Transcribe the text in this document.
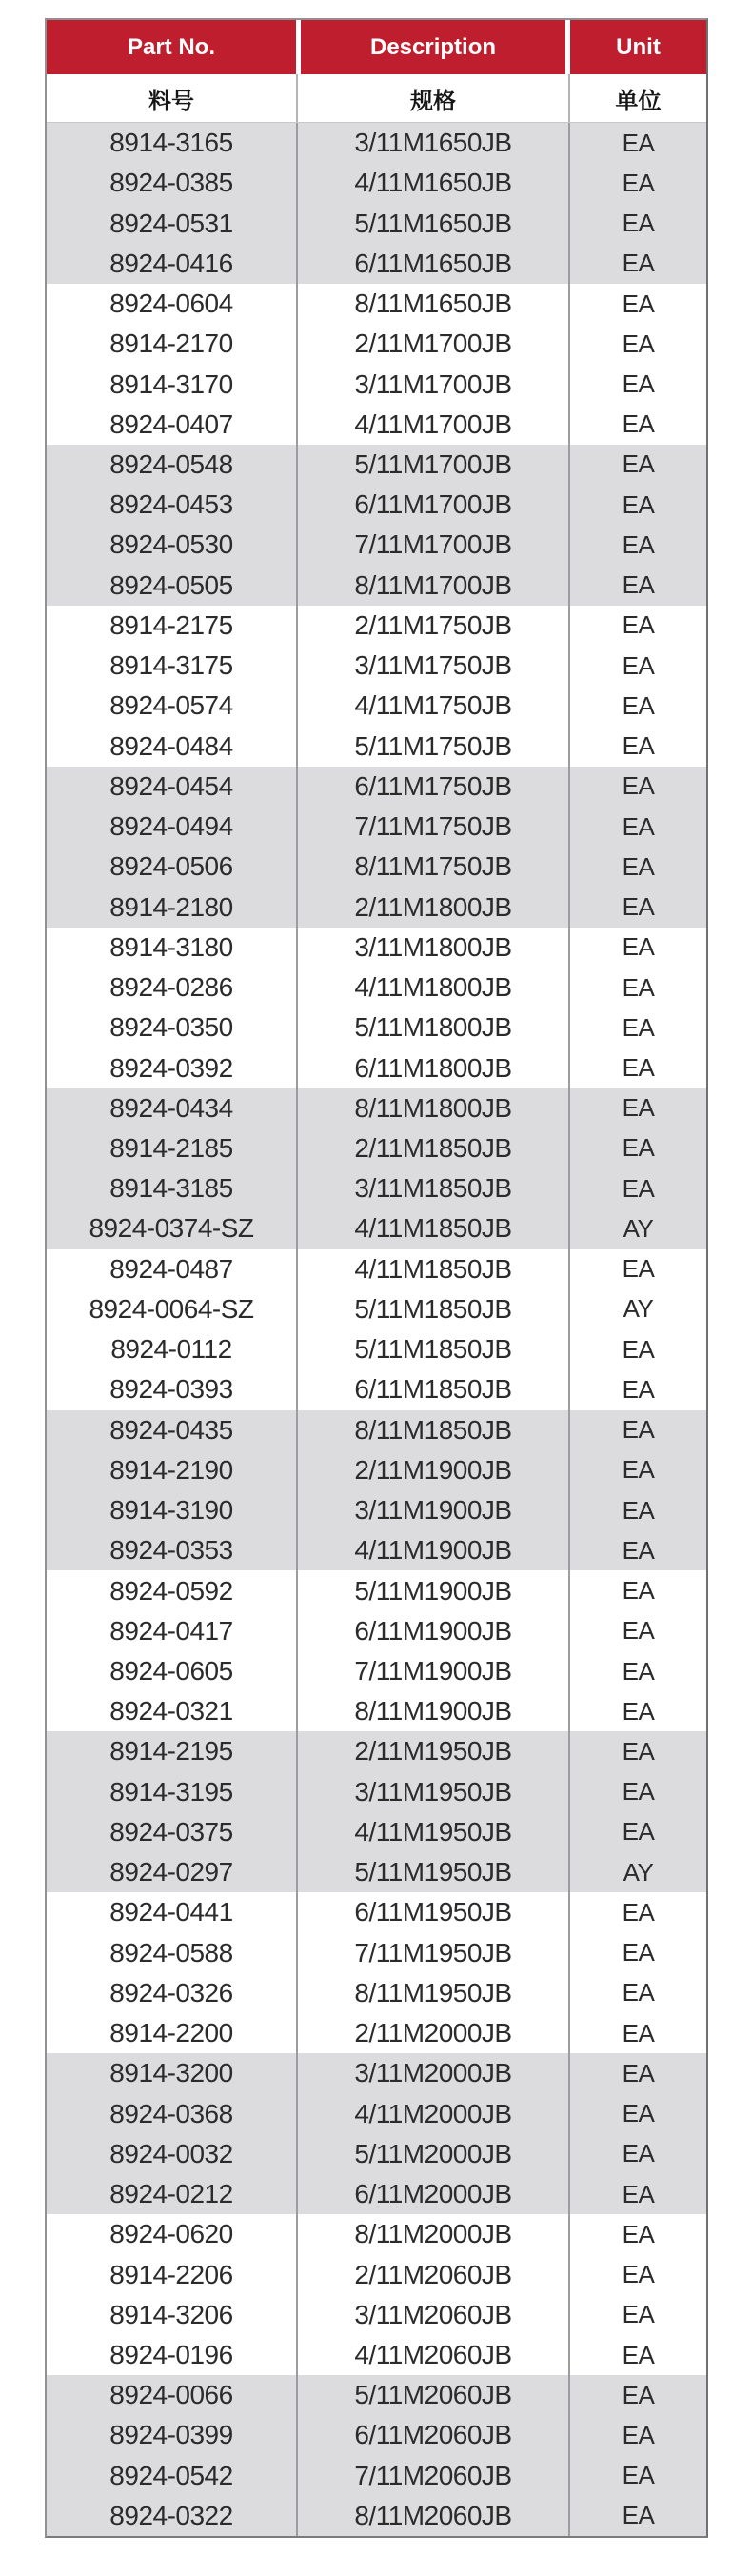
Part No.	Description	Unit
料号	规格	单位
8914-3165	3/11M1650JB	EA
8924-0385	4/11M1650JB	EA
8924-0531	5/11M1650JB	EA
8924-0416	6/11M1650JB	EA
8924-0604	8/11M1650JB	EA
8914-2170	2/11M1700JB	EA
8914-3170	3/11M1700JB	EA
8924-0407	4/11M1700JB	EA
8924-0548	5/11M1700JB	EA
8924-0453	6/11M1700JB	EA
8924-0530	7/11M1700JB	EA
8924-0505	8/11M1700JB	EA
8914-2175	2/11M1750JB	EA
8914-3175	3/11M1750JB	EA
8924-0574	4/11M1750JB	EA
8924-0484	5/11M1750JB	EA
8924-0454	6/11M1750JB	EA
8924-0494	7/11M1750JB	EA
8924-0506	8/11M1750JB	EA
8914-2180	2/11M1800JB	EA
8914-3180	3/11M1800JB	EA
8924-0286	4/11M1800JB	EA
8924-0350	5/11M1800JB	EA
8924-0392	6/11M1800JB	EA
8924-0434	8/11M1800JB	EA
8914-2185	2/11M1850JB	EA
8914-3185	3/11M1850JB	EA
8924-0374-SZ	4/11M1850JB	AY
8924-0487	4/11M1850JB	EA
8924-0064-SZ	5/11M1850JB	AY
8924-0112	5/11M1850JB	EA
8924-0393	6/11M1850JB	EA
8924-0435	8/11M1850JB	EA
8914-2190	2/11M1900JB	EA
8914-3190	3/11M1900JB	EA
8924-0353	4/11M1900JB	EA
8924-0592	5/11M1900JB	EA
8924-0417	6/11M1900JB	EA
8924-0605	7/11M1900JB	EA
8924-0321	8/11M1900JB	EA
8914-2195	2/11M1950JB	EA
8914-3195	3/11M1950JB	EA
8924-0375	4/11M1950JB	EA
8924-0297	5/11M1950JB	AY
8924-0441	6/11M1950JB	EA
8924-0588	7/11M1950JB	EA
8924-0326	8/11M1950JB	EA
8914-2200	2/11M2000JB	EA
8914-3200	3/11M2000JB	EA
8924-0368	4/11M2000JB	EA
8924-0032	5/11M2000JB	EA
8924-0212	6/11M2000JB	EA
8924-0620	8/11M2000JB	EA
8914-2206	2/11M2060JB	EA
8914-3206	3/11M2060JB	EA
8924-0196	4/11M2060JB	EA
8924-0066	5/11M2060JB	EA
8924-0399	6/11M2060JB	EA
8924-0542	7/11M2060JB	EA
8924-0322	8/11M2060JB	EA
